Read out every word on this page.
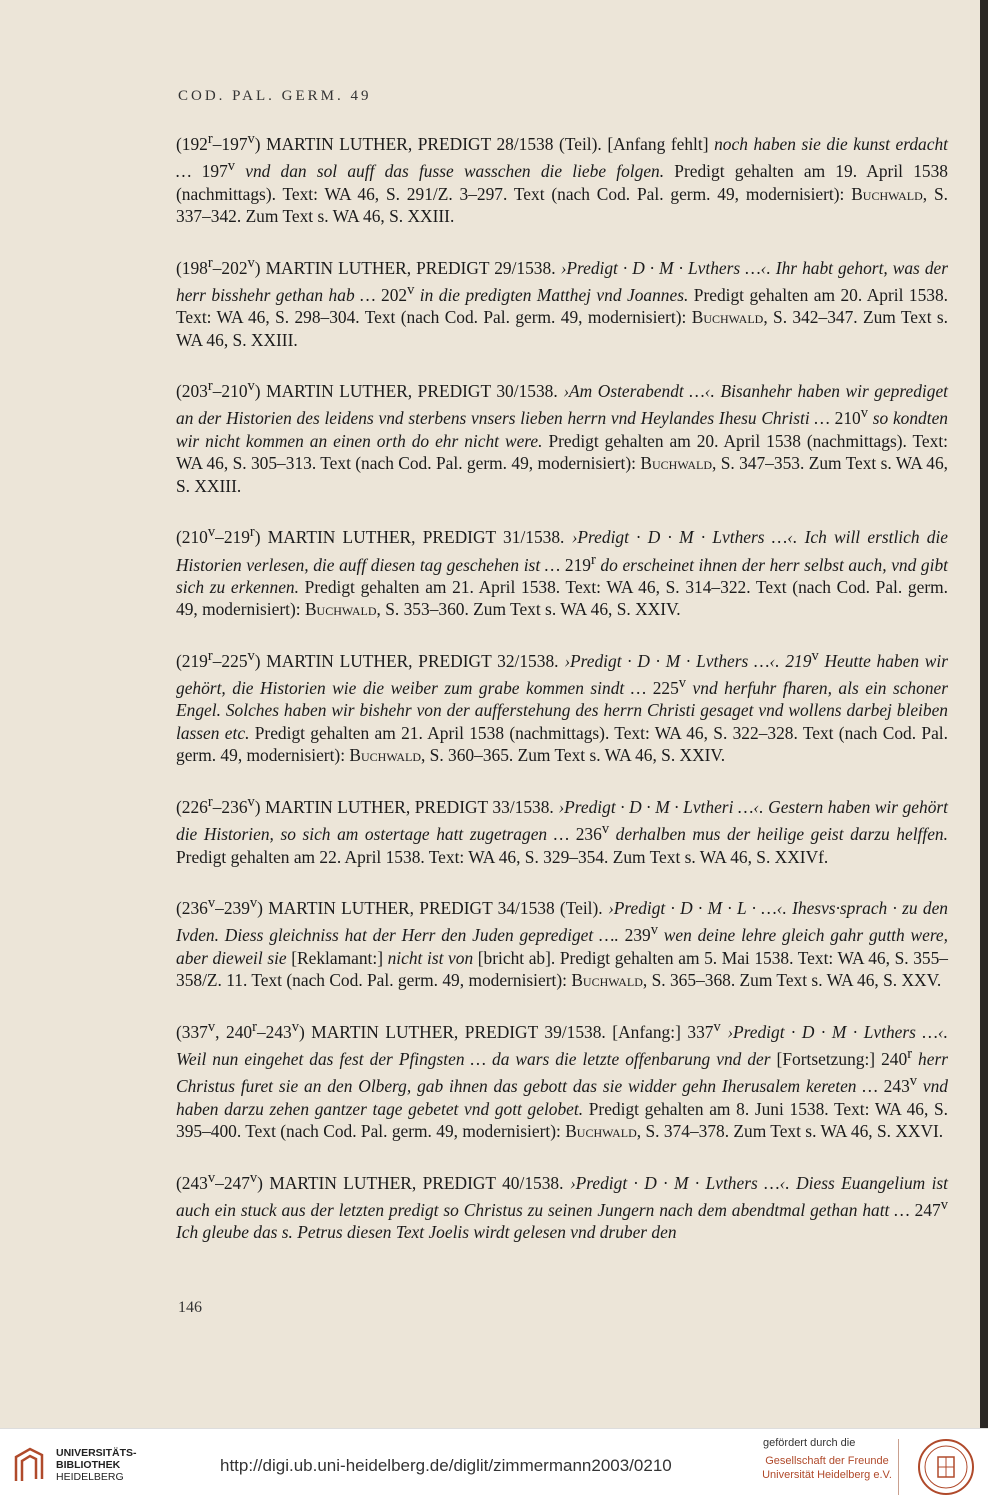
COD. PAL. GERM. 49

(192$^r$–197$^v$) MARTIN LUTHER, PREDIGT 28/1538 (Teil). [Anfang fehlt] noch haben sie die kunst erdacht … 197$^v$ vnd dan sol auff das fusse wasschen die liebe folgen. Predigt gehalten am 19. April 1538 (nachmittags). Text: WA 46, S. 291/Z. 3–297. Text (nach Cod. Pal. germ. 49, modernisiert): Buchwald, S. 337–342. Zum Text s. WA 46, S. XXIII.

(198$^r$–202$^v$) MARTIN LUTHER, PREDIGT 29/1538. ›Predigt · D · M · Lvthers …‹. Ihr habt gehort, was der herr bisshehr gethan hab … 202$^v$ in die predigten Matthej vnd Joannes. Predigt gehalten am 20. April 1538. Text: WA 46, S. 298–304. Text (nach Cod. Pal. germ. 49, modernisiert): Buchwald, S. 342–347. Zum Text s. WA 46, S. XXIII.

(203$^r$–210$^v$) MARTIN LUTHER, PREDIGT 30/1538. ›Am Osterabendt …‹. Bisanhehr haben wir geprediget an der Historien des leidens vnd sterbens vnsers lieben herrn vnd Heylandes Ihesu Christi … 210$^v$ so kondten wir nicht kommen an einen orth do ehr nicht were. Predigt gehalten am 20. April 1538 (nachmittags). Text: WA 46, S. 305–313. Text (nach Cod. Pal. germ. 49, modernisiert): Buchwald, S. 347–353. Zum Text s. WA 46, S. XXIII.

(210$^v$–219$^r$) MARTIN LUTHER, PREDIGT 31/1538. ›Predigt · D · M · Lvthers …‹. Ich will erstlich die Historien verlesen, die auff diesen tag geschehen ist … 219$^r$ do erscheinet ihnen der herr selbst auch, vnd gibt sich zu erkennen. Predigt gehalten am 21. April 1538. Text: WA 46, S. 314–322. Text (nach Cod. Pal. germ. 49, modernisiert): Buchwald, S. 353–360. Zum Text s. WA 46, S. XXIV.

(219$^r$–225$^v$) MARTIN LUTHER, PREDIGT 32/1538. ›Predigt · D · M · Lvthers …‹. 219$^v$ Heutte haben wir gehört, die Historien wie die weiber zum grabe kommen sindt … 225$^v$ vnd herfuhr fharen, als ein schoner Engel. Solches haben wir bishehr von der aufferstehung des herrn Christi gesaget vnd wollens darbej bleiben lassen etc. Predigt gehalten am 21. April 1538 (nachmittags). Text: WA 46, S. 322–328. Text (nach Cod. Pal. germ. 49, modernisiert): Buchwald, S. 360–365. Zum Text s. WA 46, S. XXIV.

(226$^r$–236$^v$) MARTIN LUTHER, PREDIGT 33/1538. ›Predigt · D · M · Lvtheri …‹. Gestern haben wir gehört die Historien, so sich am ostertage hatt zugetragen … 236$^v$ derhalben mus der heilige geist darzu helffen. Predigt gehalten am 22. April 1538. Text: WA 46, S. 329–354. Zum Text s. WA 46, S. XXIVf.

(236$^v$–239$^v$) MARTIN LUTHER, PREDIGT 34/1538 (Teil). ›Predigt · D · M · L · …‹. Ihesvs·sprach · zu den Ivden. Diess gleichniss hat der Herr den Juden geprediget …. 239$^v$ wen deine lehre gleich gahr gutth were, aber dieweil sie [Reklamant:] nicht ist von [bricht ab]. Predigt gehalten am 5. Mai 1538. Text: WA 46, S. 355–358/Z. 11. Text (nach Cod. Pal. germ. 49, modernisiert): Buchwald, S. 365–368. Zum Text s. WA 46, S. XXV.

(337$^v$, 240$^r$–243$^v$) MARTIN LUTHER, PREDIGT 39/1538. [Anfang:] 337$^v$ ›Predigt · D · M · Lvthers …‹. Weil nun eingehet das fest der Pfingsten … da wars die letzte offenbarung vnd der [Fortsetzung:] 240$^r$ herr Christus furet sie an den Olberg, gab ihnen das gebott das sie widder gehn Iherusalem kereten … 243$^v$ vnd haben darzu zehen gantzer tage gebetet vnd gott gelobet. Predigt gehalten am 8. Juni 1538. Text: WA 46, S. 395–400. Text (nach Cod. Pal. germ. 49, modernisiert): Buchwald, S. 374–378. Zum Text s. WA 46, S. XXVI.

(243$^v$–247$^v$) MARTIN LUTHER, PREDIGT 40/1538. ›Predigt · D · M · Lvthers …‹. Diess Euangelium ist auch ein stuck aus der letzten predigt so Christus zu seinen Jungern nach dem abendtmal gethan hatt … 247$^v$ Ich gleube das s. Petrus diesen Text Joelis wirdt gelesen vnd druber den

146
UNIVERSITÄTS-
BIBLIOTHEK
HEIDELBERG
http://digi.ub.uni-heidelberg.de/diglit/zimmermann2003/0210
gefördert durch die
Gesellschaft der Freunde
Universität Heidelberg e.V.
